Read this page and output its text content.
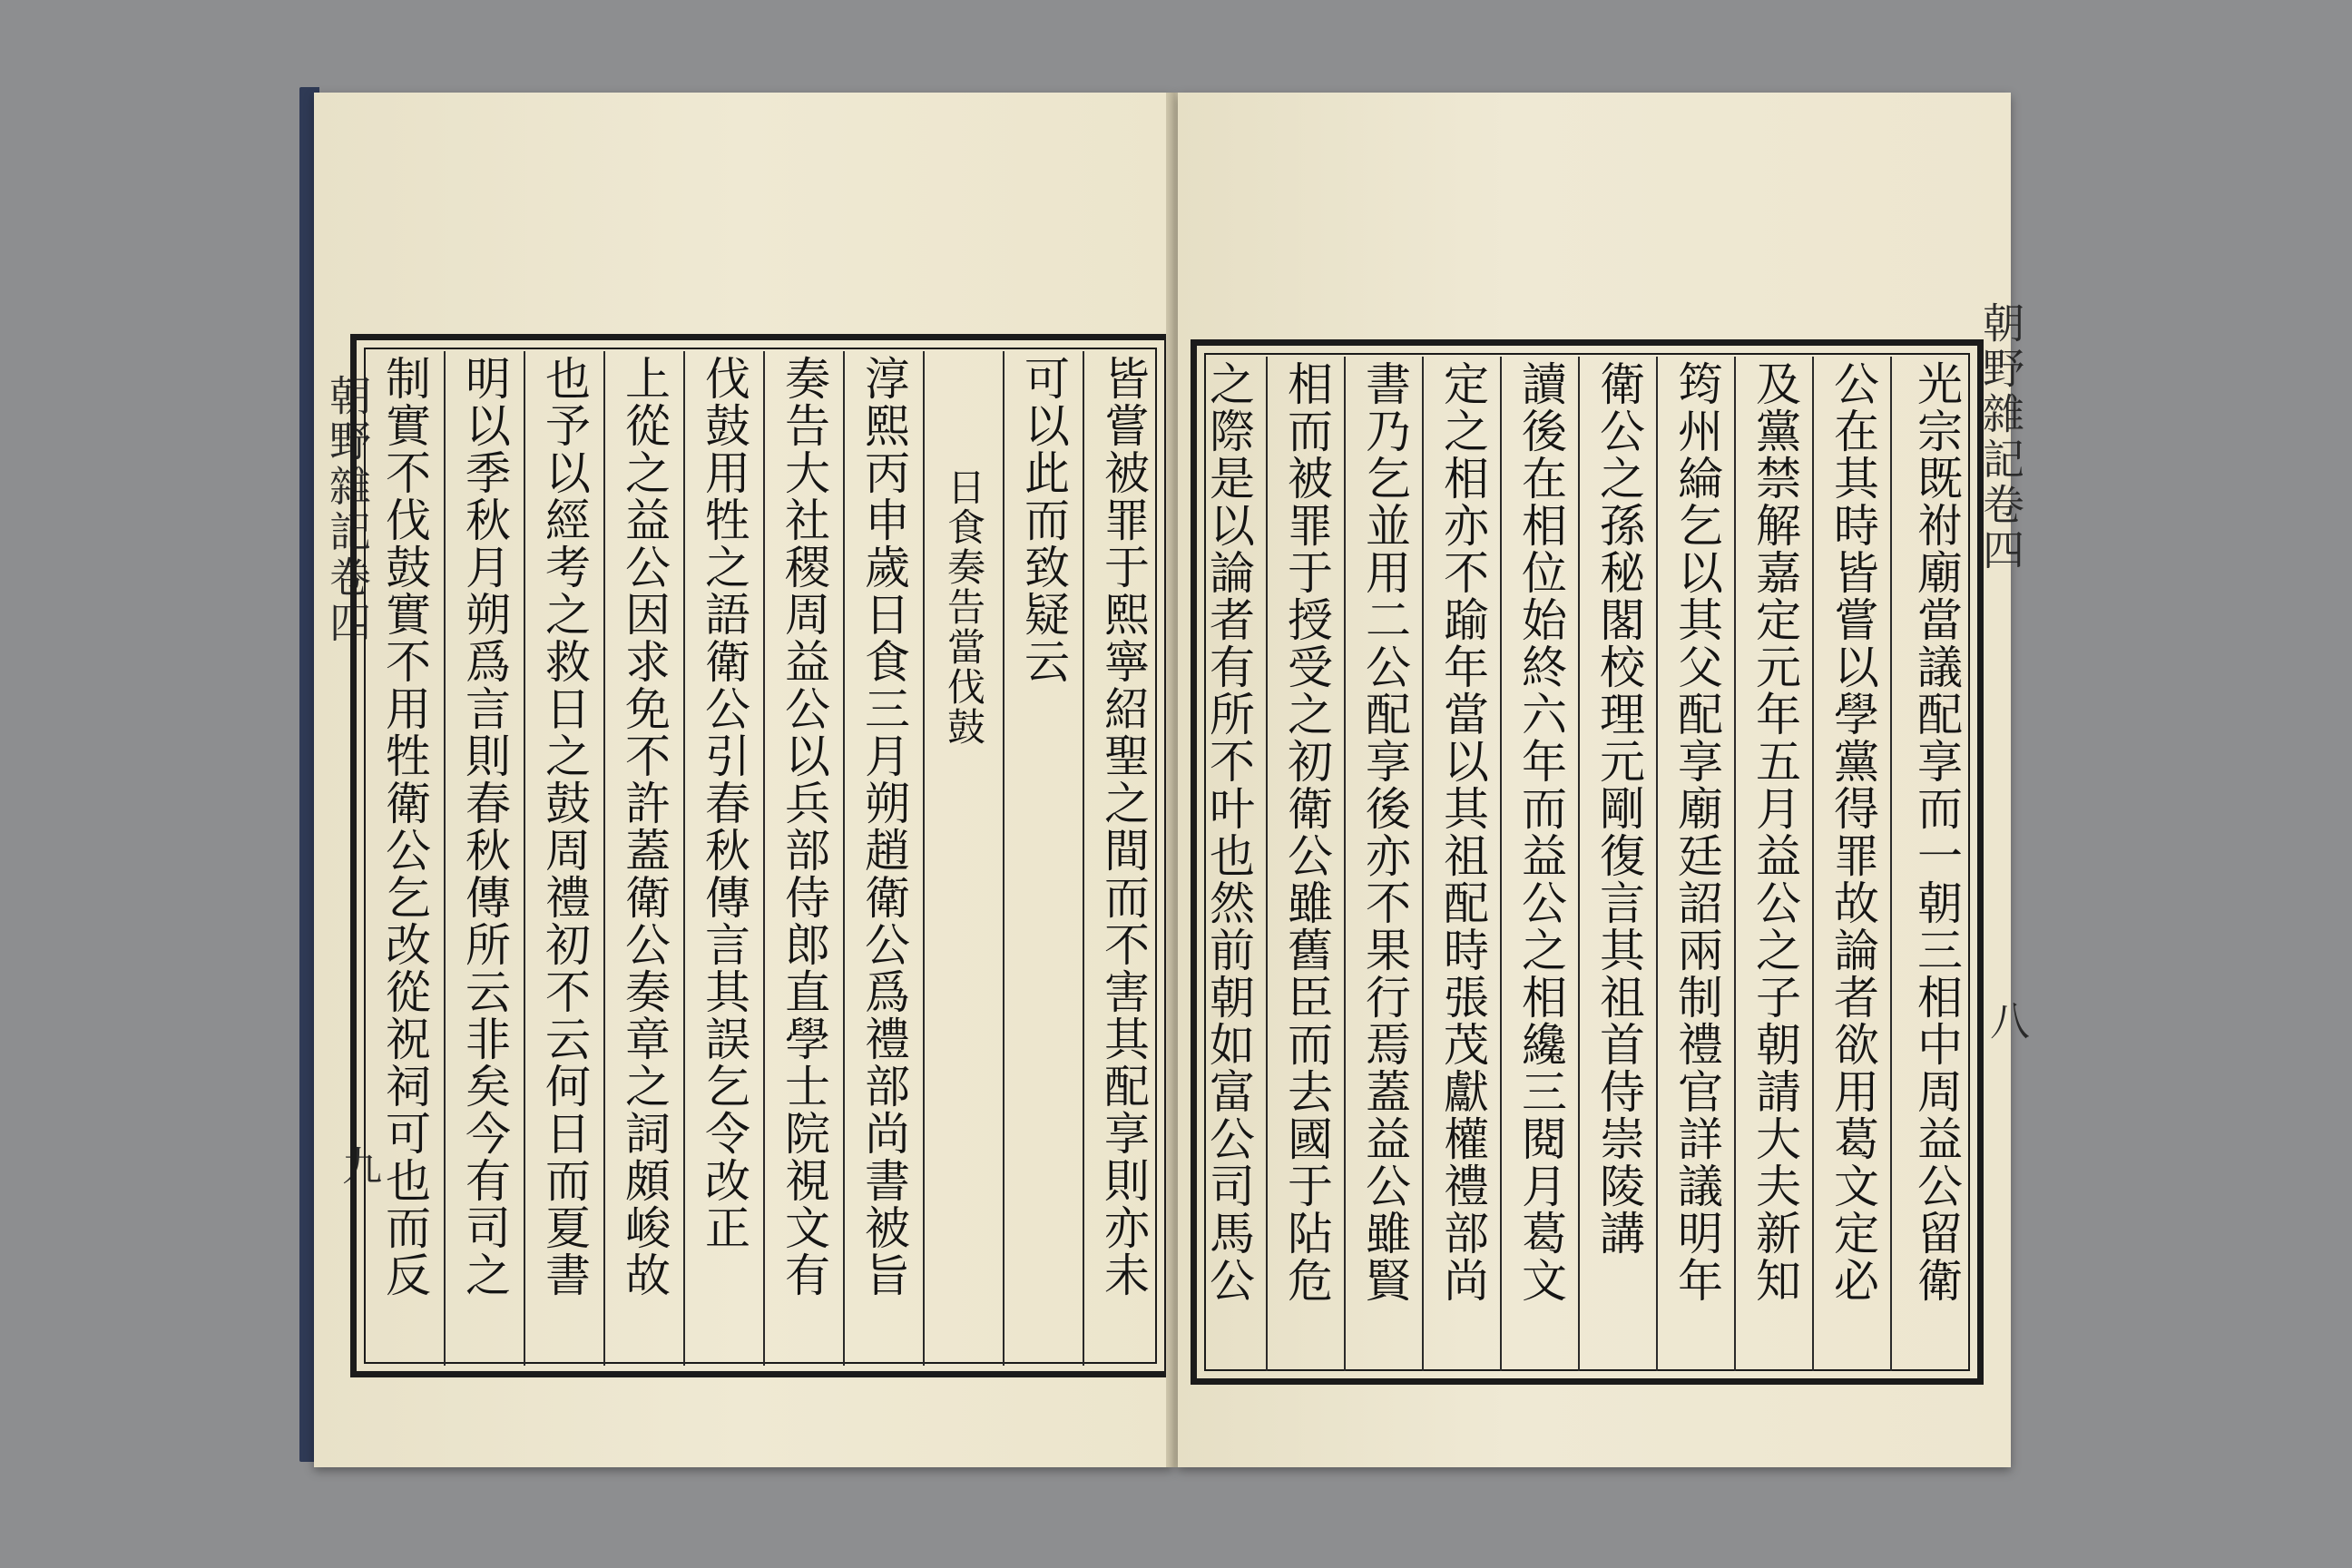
朝野雜記卷四
九	皆嘗被罪于熙寧紹聖之間而不害其配享則亦未
可以此而致疑云
日食奏告當伐鼓
淳熙丙申歲日食三月朔趙衛公爲禮部尚書被旨
奏告大社稷周益公以兵部侍郎直學士院視文有
伐鼓用牲之語衛公引春秋傳言其誤乞令改正
上從之益公因求免不許蓋衛公奏章之詞頗峻故
也予以經考之救日之鼓周禮初不云何日而夏書
明以季秋月朔爲言則春秋傳所云非矣今有司之
制實不伐鼓實不用牲衛公乞改從祝祠可也而反	朝野雜記卷四
八
光宗既祔廟當議配享而一朝三相中周益公留衛
公在其時皆嘗以學黨得罪故論者欲用葛文定必
及黨禁解嘉定元年五月益公之子朝請大夫新知
筠州綸乞以其父配享廟廷詔兩制禮官詳議明年
衛公之孫秘閣校理元剛復言其祖首侍崇陵講
讀後在相位始終六年而益公之相纔三閱月葛文
定之相亦不踰年當以其祖配時張茂獻權禮部尚
書乃乞並用二公配享後亦不果行焉蓋益公雖賢
相而被罪于授受之初衛公雖舊臣而去國于阽危
之際是以論者有所不叶也然前朝如富公司馬公
